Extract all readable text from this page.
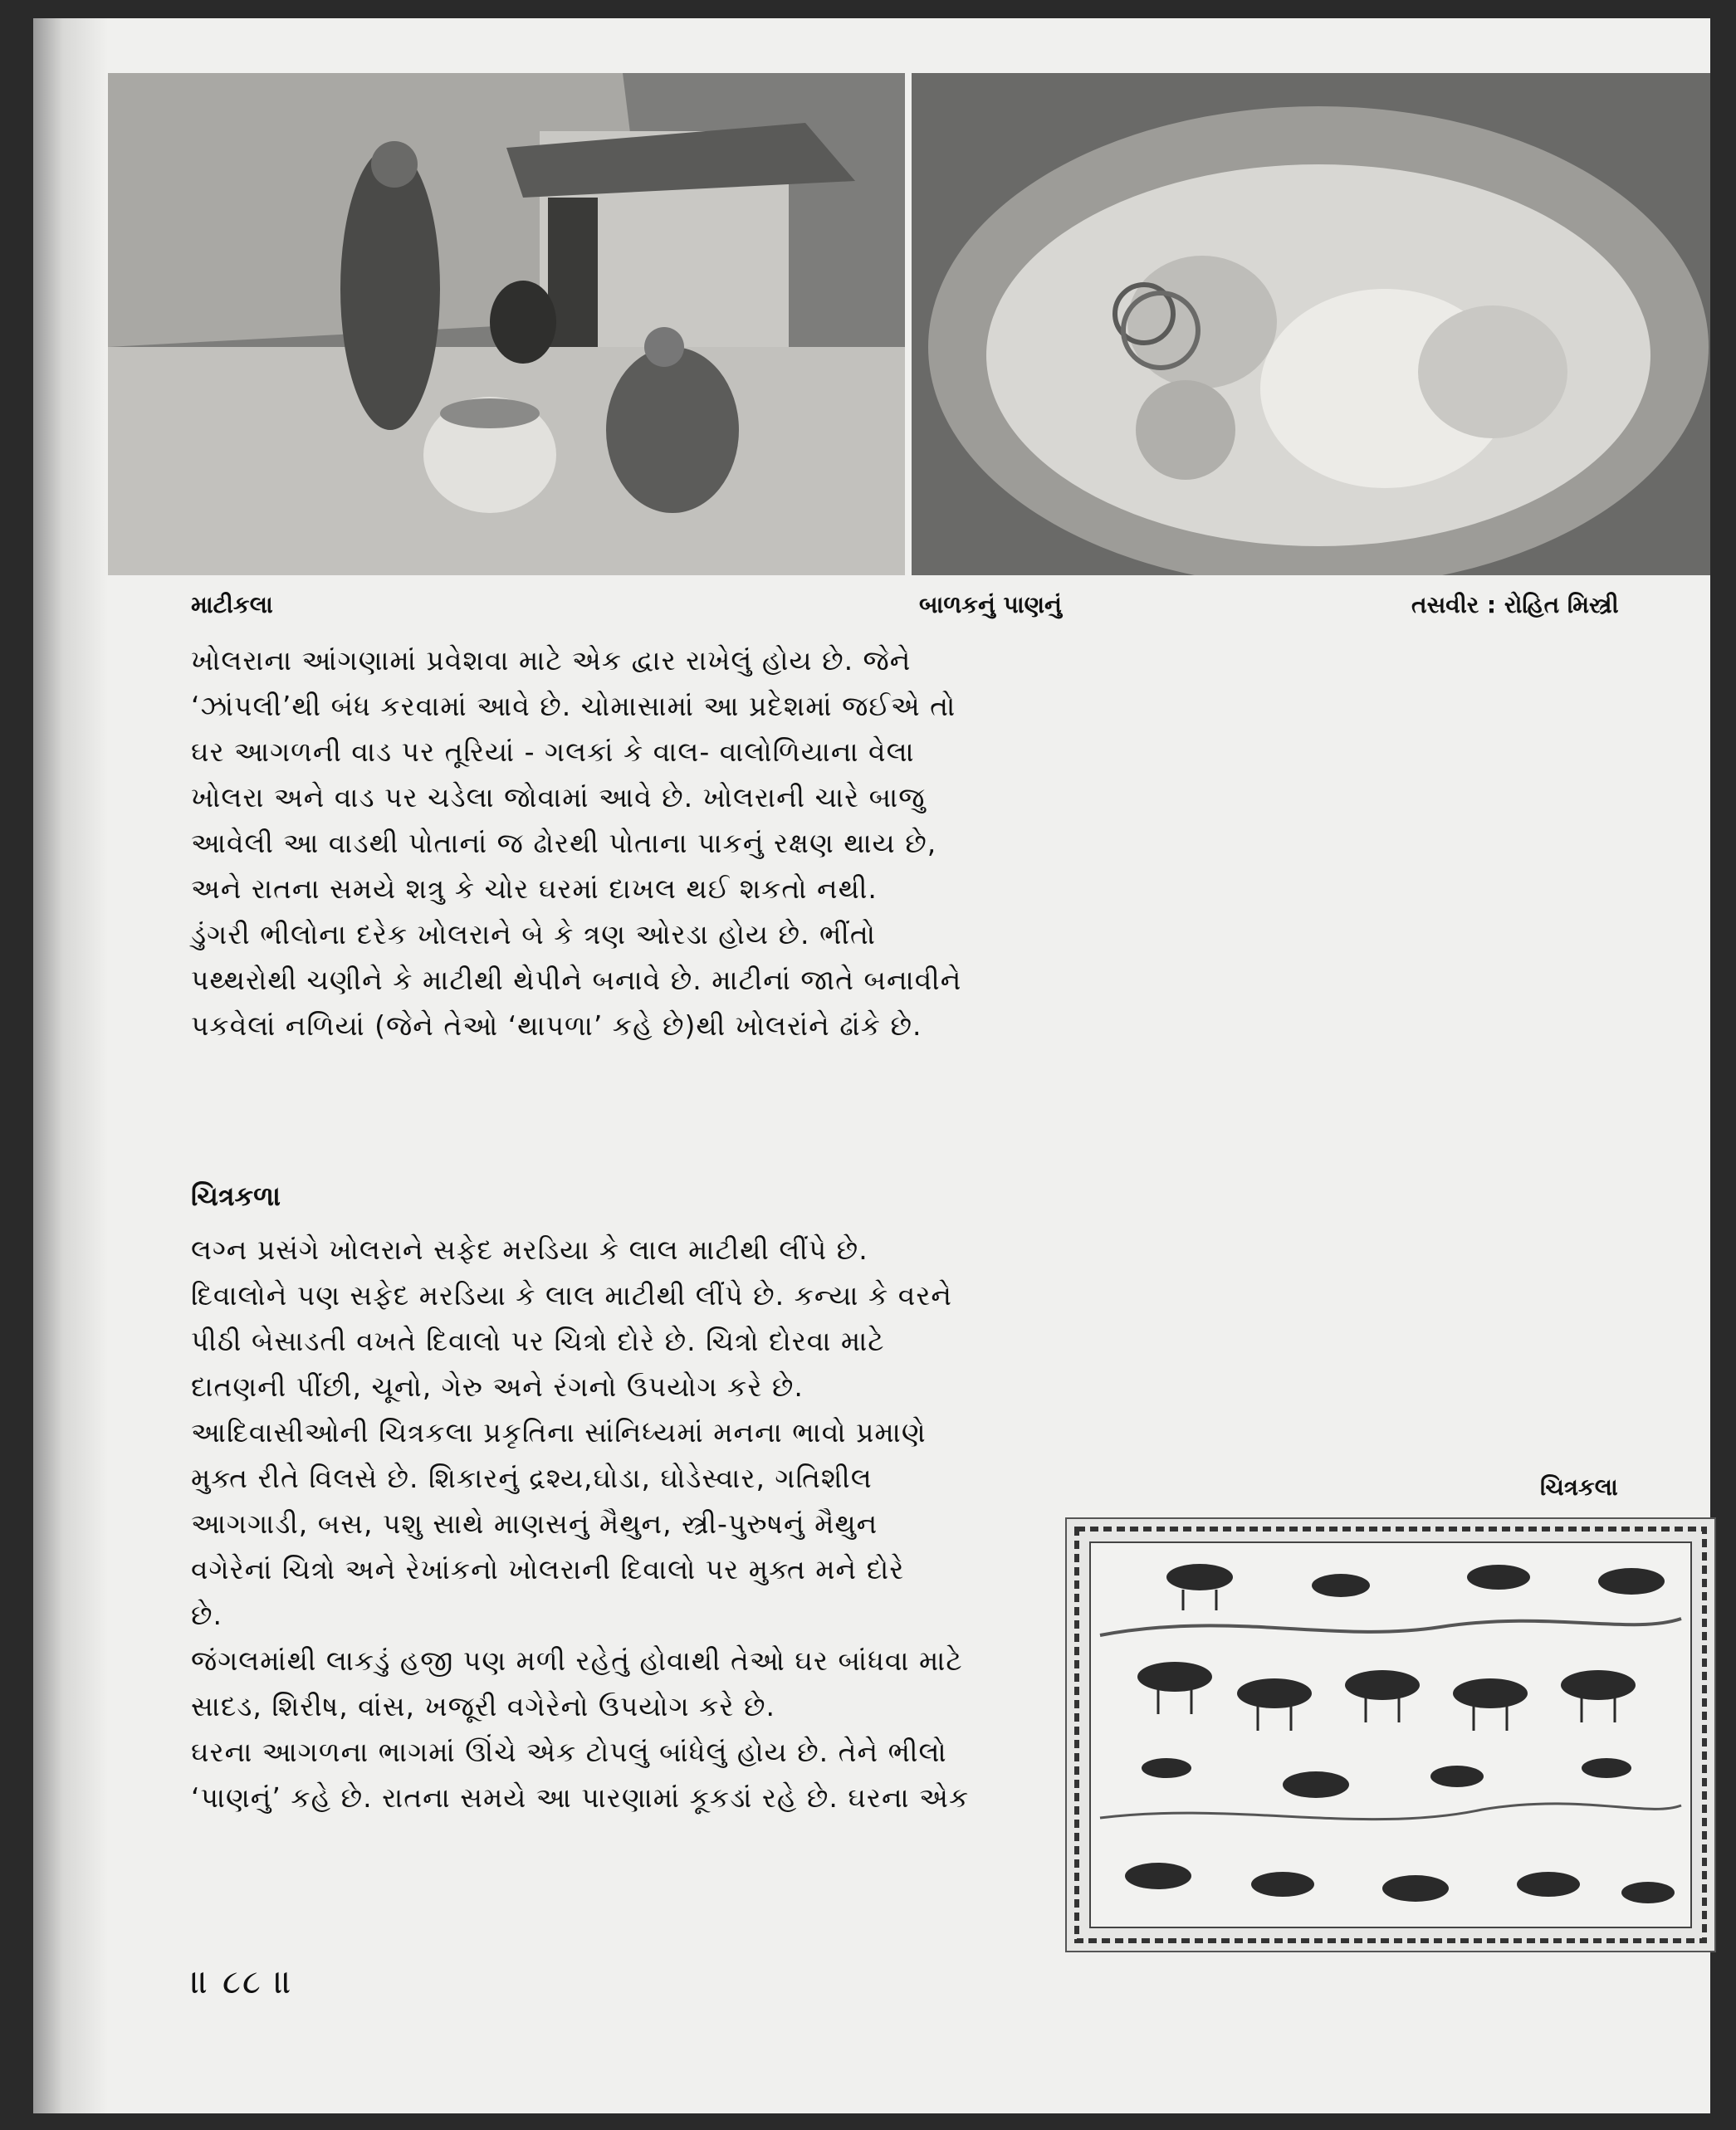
માટીકલા	બાળકનું પાણનું	તસવીર : રોહિત મિસ્ત્રી

ખોલરાના આંગણામાં પ્રવેશવા માટે એક દ્વાર રાખેલું હોય છે. જેને

‘ઝાંપલી’થી બંધ કરવામાં આવે છે. ચોમાસામાં આ પ્રદેશમાં જઈએ તો

ઘર આગળની વાડ પર તૂરિયાં - ગલકાં કે વાલ- વાલોળિયાના વેલા

ખોલરા અને વાડ પર ચડેલા જોવામાં આવે છે. ખોલરાની ચારે બાજુ

આવેલી આ વાડથી પોતાનાં જ ઢોરથી પોતાના પાકનું રક્ષણ થાય છે,

અને રાતના સમયે શત્રુ કે ચોર ઘરમાં દાખલ થઈ શકતો નથી.

ડુંગરી ભીલોના દરેક ખોલરાને બે કે ત્રણ ઓરડા હોય છે. ભીંતો

પથ્થરોથી ચણીને કે માટીથી થેપીને બનાવે છે. માટીનાં જાતે બનાવીને

પકવેલાં નળિયાં (જેને તેઓ ‘થાપળા’ કહે છે)થી ખોલરાંને ઢાંકે છે.

ચિત્રકળા

લગ્ન પ્રસંગે ખોલરાને સફેદ મરડિયા કે લાલ માટીથી લીંપે છે.

દિવાલોને પણ સફેદ મરડિયા કે લાલ માટીથી લીંપે છે. કન્યા કે વરને

પીઠી બેસાડતી વખતે દિવાલો પર ચિત્રો દોરે છે. ચિત્રો દોરવા માટે

દાતણની પીંછી, ચૂનો, ગેરુ અને રંગનો ઉપયોગ કરે છે.

આદિવાસીઓની ચિત્રકલા પ્રકૃતિના સાંનિધ્યમાં મનના ભાવો પ્રમાણે

મુક્ત રીતે વિલસે છે. શિકારનું દ્રશ્ય,ઘોડા, ઘોડેસ્વાર, ગતિશીલ

આગગાડી, બસ, પશુ સાથે માણસનું મૈથુન, સ્ત્રી-પુરુષનું મૈથુન

વગેરેનાં ચિત્રો અને રેખાંકનો ખોલરાની દિવાલો પર મુક્ત મને દોરે

છે.

જંગલમાંથી લાકડું હજી પણ મળી રહેતું હોવાથી તેઓ ઘર બાંધવા માટે

સાદડ, શિરીષ, વાંસ, ખજૂરી વગેરેનો ઉપયોગ કરે છે.

ઘરના આગળના ભાગમાં ઊંચે એક ટોપલું બાંધેલું હોય છે. તેને ભીલો

‘પાણનું’ કહે છે. રાતના સમયે આ પારણામાં કૂકડાં રહે છે. ઘરના એક

ચિત્રકલા
॥ ૮૮ ॥
